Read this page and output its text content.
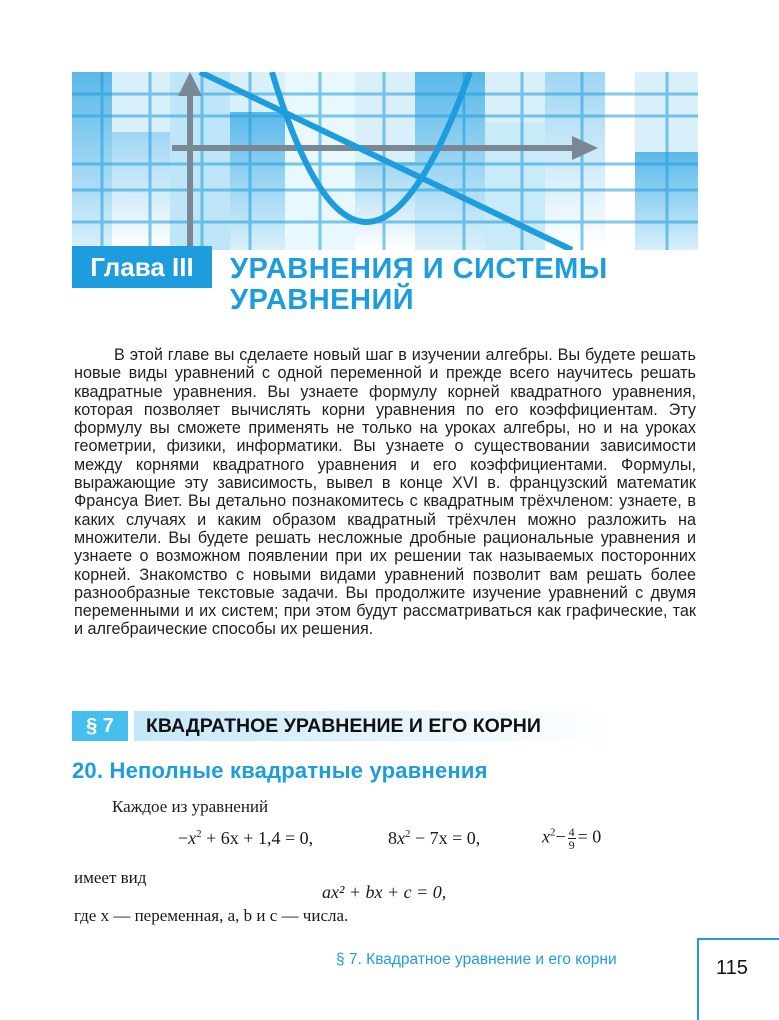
Глава III	УРАВНЕНИЯ И СИСТЕМЫ
УРАВНЕНИЙ

В этой главе вы сделаете новый шаг в изучении алгебры. Вы будете решать новые виды уравнений с одной переменной и прежде всего научитесь решать квадратные уравнения. Вы узнаете формулу корней квадратного уравнения, которая позволяет вычислять корни уравнения по его коэффициентам. Эту формулу вы сможете применять не только на уроках алгебры, но и на уроках геометрии, физики, информатики. Вы узнаете о существовании зависимости между корнями квадратного уравнения и его коэффициентами. Формулы, выражающие эту зависимость, вывел в конце XVI в. французский математик Франсуа Виет. Вы детально познакомитесь с квадратным трёхчленом: узнаете, в каких случаях и каким образом квадратный трёхчлен можно разложить на множители. Вы будете решать несложные дробные рациональные уравнения и узнаете о возможном появлении при их решении так называемых посторонних корней. Знакомство с новыми видами уравнений позволит вам решать более разнообразные текстовые задачи. Вы продолжите изучение уравнений с двумя переменными и их систем; при этом будут рассматриваться как графические, так и алгебраические способы их решения.

§ 7	КВАДРАТНОЕ УРАВНЕНИЕ И ЕГО КОРНИ
20. Неполные квадратные уравнения
Каждое из уравнений
$-x^2 + 6x + 1,4 = 0$,	$8x^2 - 7x = 0$,	$x^2- \frac{4}{9} = 0$
имеет вид
ax² + bx + c = 0,
где x — переменная, a, b и c — числа.
§ 7. Квадратное уравнение и его корни	115
